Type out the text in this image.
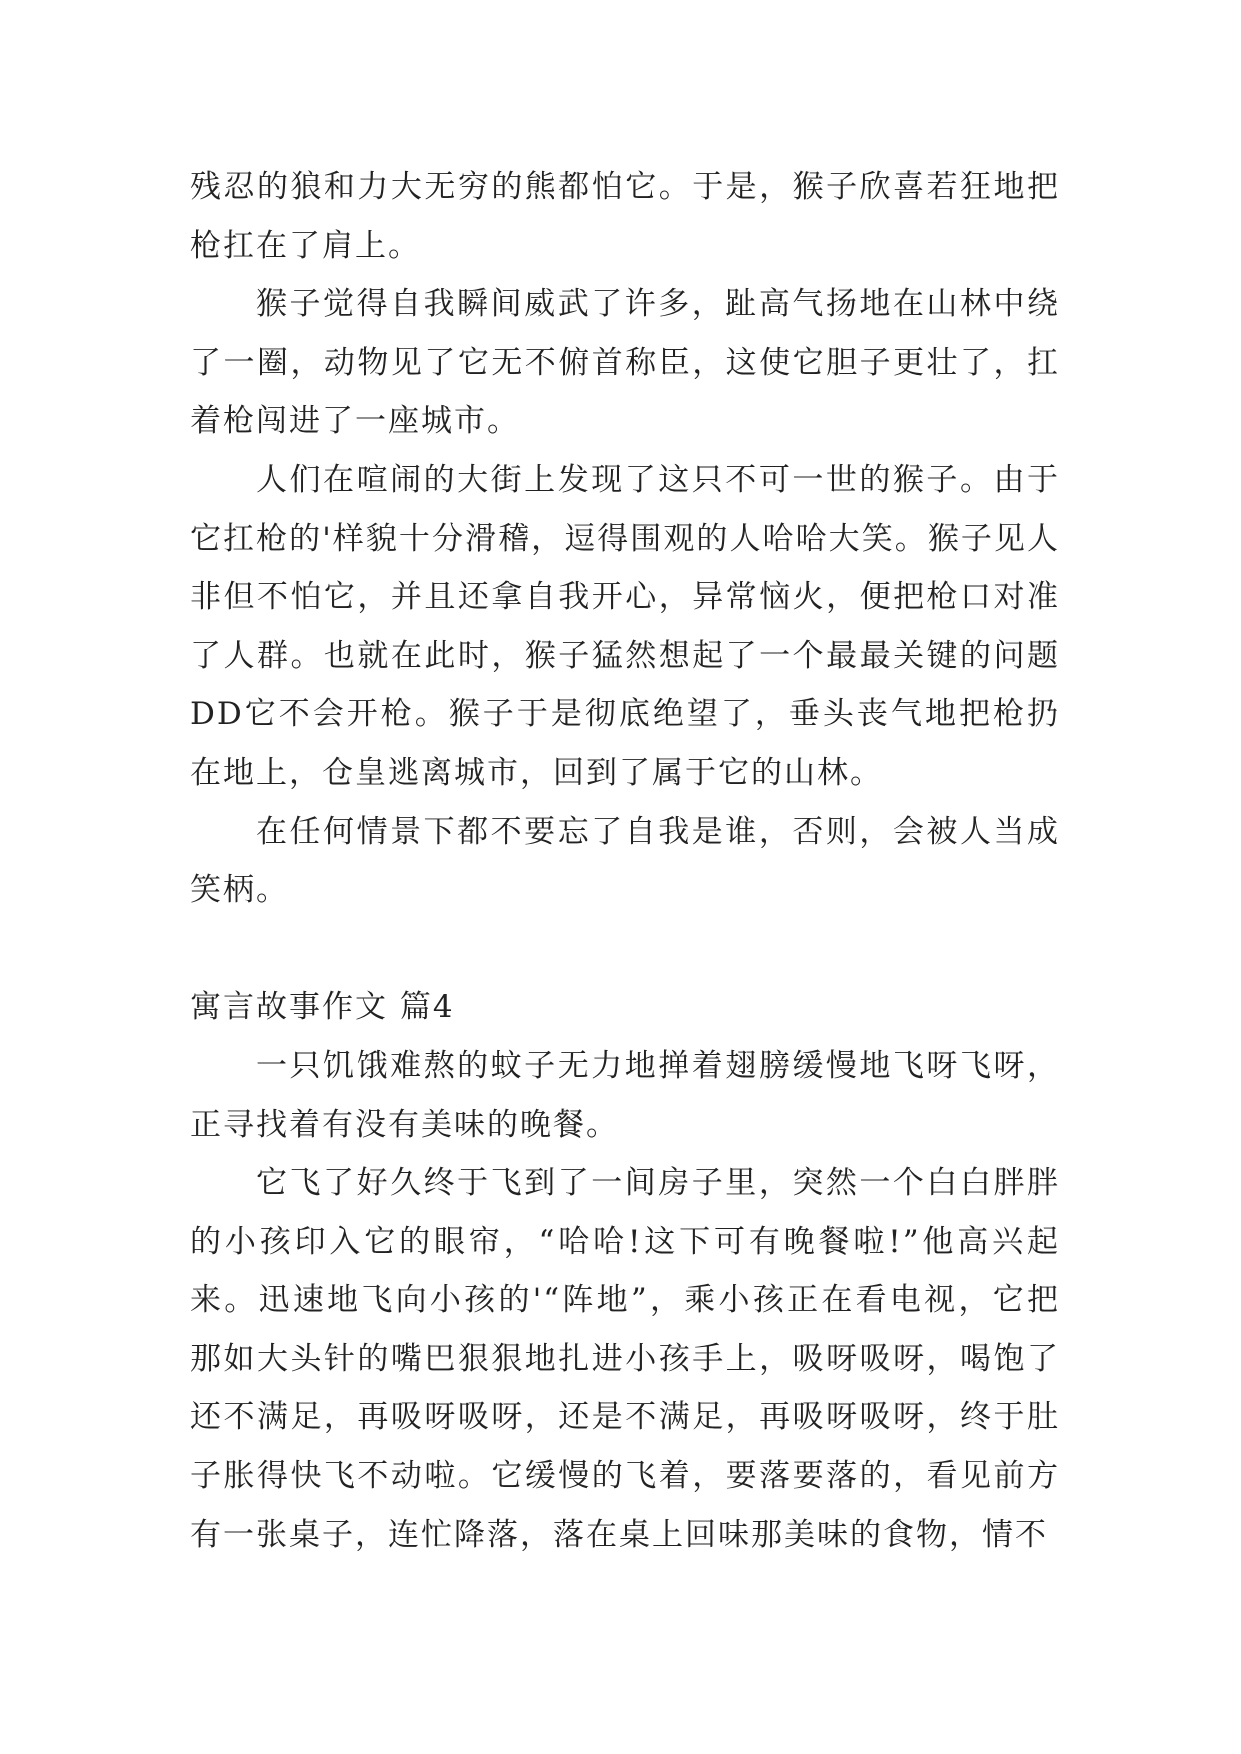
残忍的狼和力大无穷的熊都怕它。于是，猴子欣喜若狂地把枪扛在了肩上。

猴子觉得自我瞬间威武了许多，趾高气扬地在山林中绕了一圈，动物见了它无不俯首称臣，这使它胆子更壮了，扛着枪闯进了一座城市。

人们在喧闹的大街上发现了这只不可一世的猴子。由于它扛枪的'样貌十分滑稽，逗得围观的人哈哈大笑。猴子见人非但不怕它，并且还拿自我开心，异常恼火，便把枪口对准了人群。也就在此时，猴子猛然想起了一个最最关键的问题DD它不会开枪。猴子于是彻底绝望了，垂头丧气地把枪扔在地上，仓皇逃离城市，回到了属于它的山林。

在任何情景下都不要忘了自我是谁，否则，会被人当成笑柄。

寓言故事作文 篇4

一只饥饿难熬的蚊子无力地掸着翅膀缓慢地飞呀飞呀，正寻找着有没有美味的晚餐。

它飞了好久终于飞到了一间房子里，突然一个白白胖胖的小孩印入它的眼帘，“哈哈!这下可有晚餐啦!”他高兴起来。迅速地飞向小孩的'“阵地”，乘小孩正在看电视，它把那如大头针的嘴巴狠狠地扎进小孩手上，吸呀吸呀，喝饱了还不满足，再吸呀吸呀，还是不满足，再吸呀吸呀，终于肚子胀得快飞不动啦。它缓慢的飞着，要落要落的，看见前方有一张桌子，连忙降落，落在桌上回味那美味的食物，情不
